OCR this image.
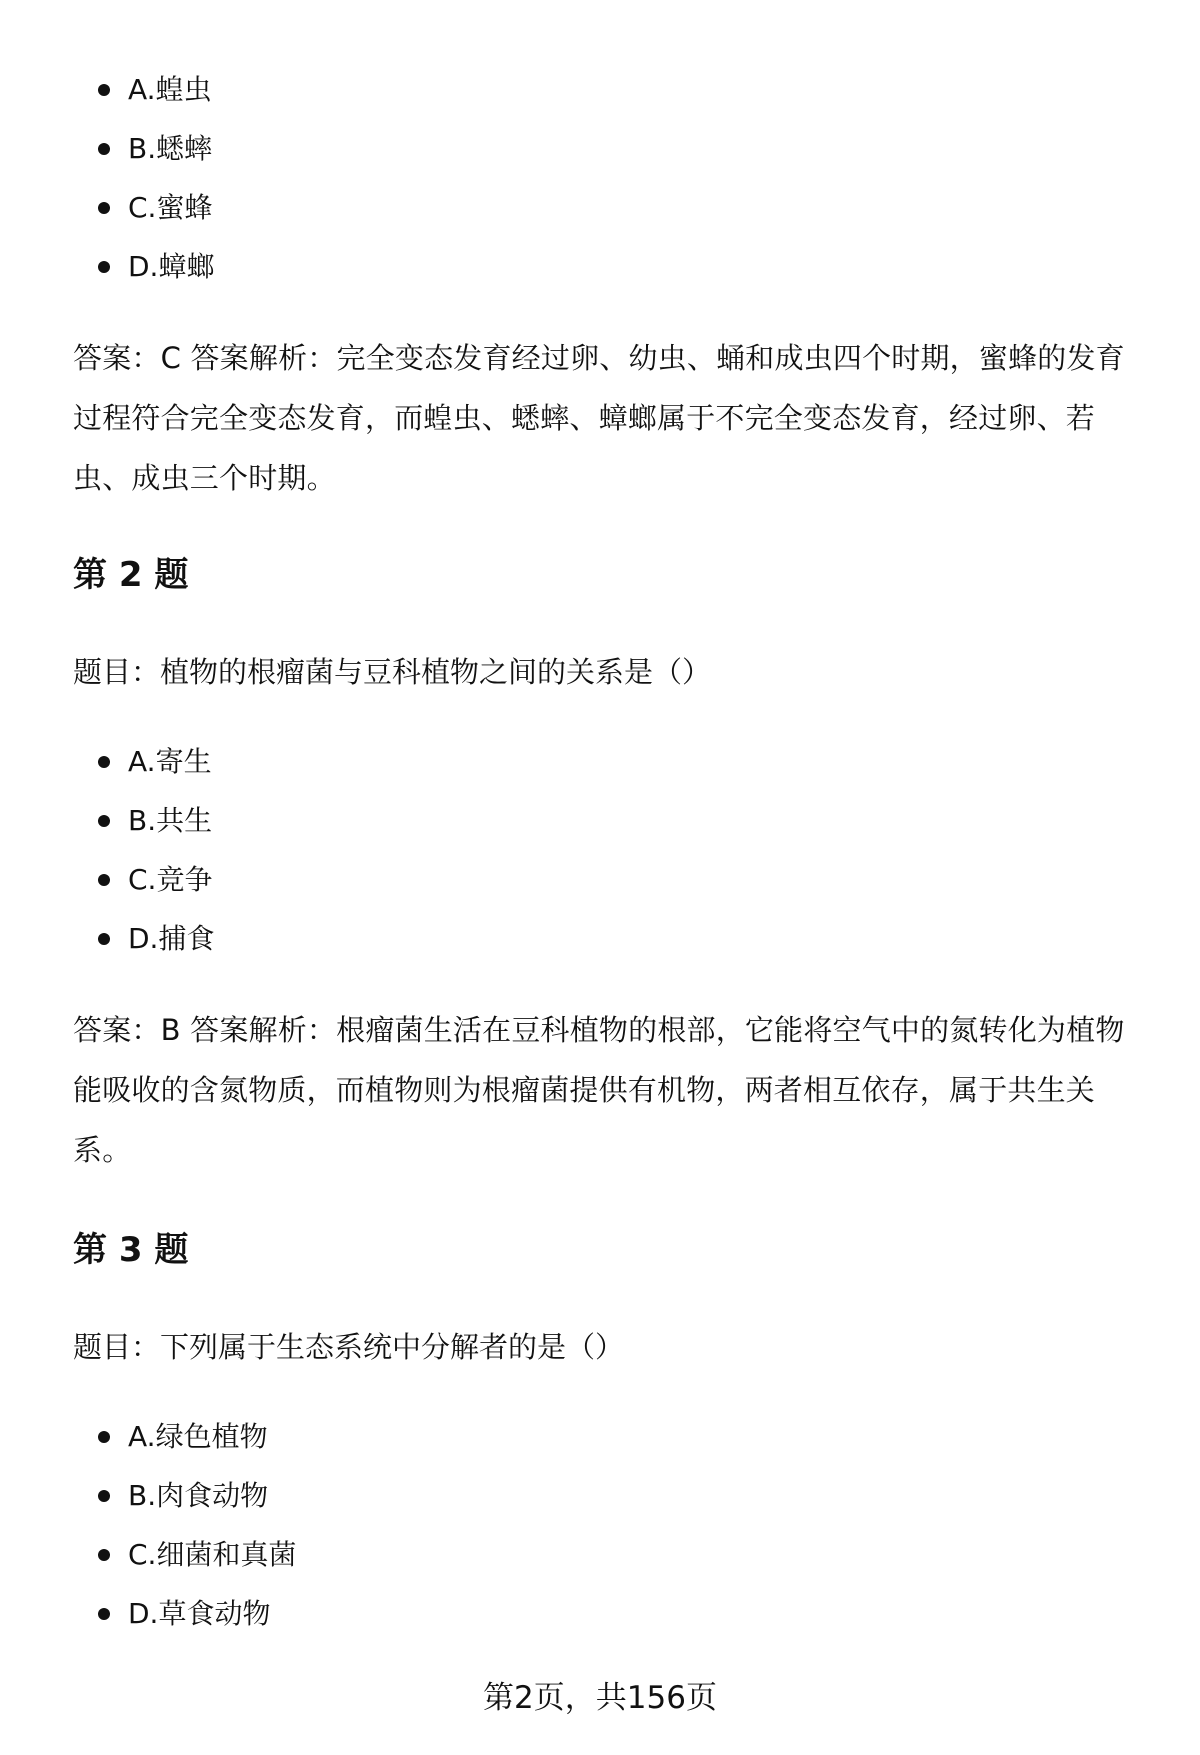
A.蝗虫
B.蟋蟀
C.蜜蜂
D.蟑螂
答案：C 答案解析：完全变态发育经过卵、幼虫、蛹和成虫四个时期，蜜蜂的发育过程符合完全变态发育，而蝗虫、蟋蟀、蟑螂属于不完全变态发育，经过卵、若虫、成虫三个时期。
第 2 题
题目：植物的根瘤菌与豆科植物之间的关系是（）
A.寄生
B.共生
C.竞争
D.捕食
答案：B 答案解析：根瘤菌生活在豆科植物的根部，它能将空气中的氮转化为植物能吸收的含氮物质，而植物则为根瘤菌提供有机物，两者相互依存，属于共生关系。
第 3 题
题目：下列属于生态系统中分解者的是（）
A.绿色植物
B.肉食动物
C.细菌和真菌
D.草食动物
第2页，共156页
